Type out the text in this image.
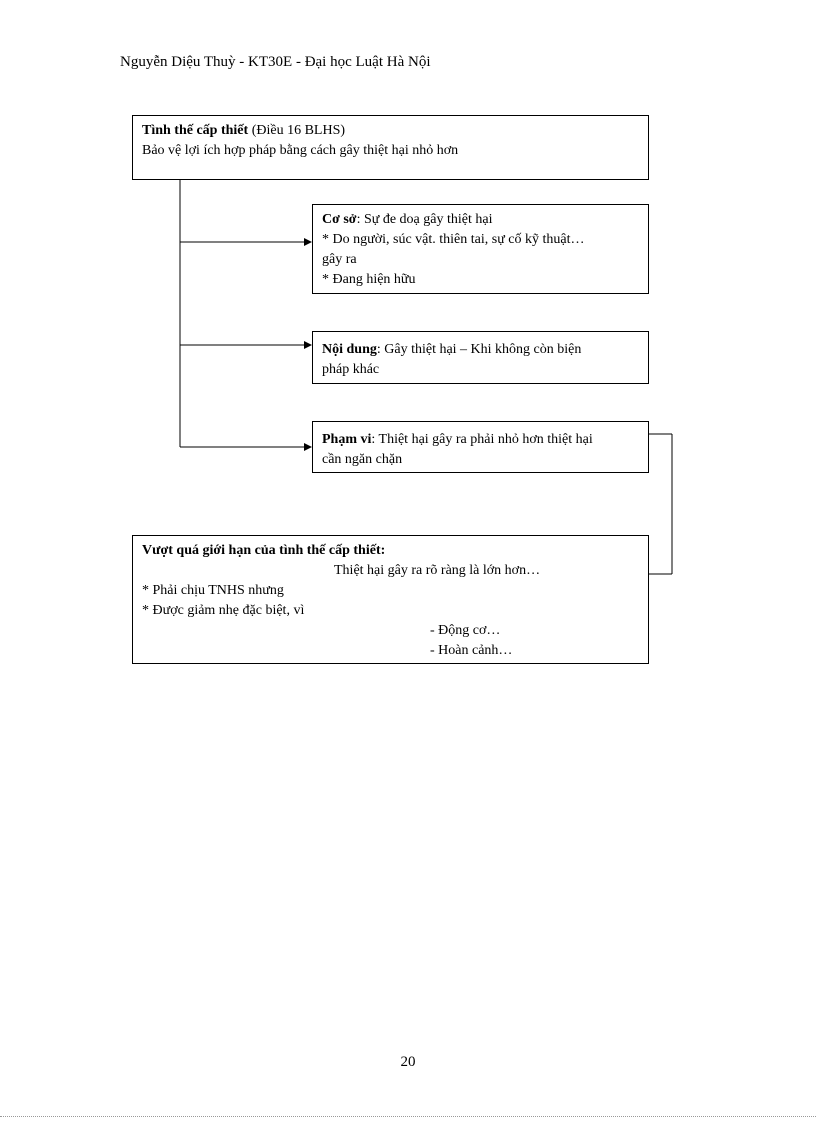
Nguyễn Diệu Thuỳ - KT30E - Đại học Luật Hà Nội
Tình thế cấp thiết (Điều 16 BLHS)
Bảo vệ lợi ích hợp pháp bằng cách gây thiệt hại nhỏ hơn
Cơ sở: Sự đe doạ gây thiệt hại
* Do người, súc vật. thiên tai, sự cố kỹ thuật…
gây ra
* Đang hiện hữu
Nội dung: Gây thiệt hại – Khi không còn biện
pháp khác
Phạm vi: Thiệt hại gây ra phải nhỏ hơn thiệt hại
cần ngăn chặn
Vượt quá giới hạn của tình thế cấp thiết:
Thiệt hại gây ra rõ ràng là lớn hơn…
* Phải chịu TNHS nhưng
* Được giảm nhẹ đặc biệt, vì
- Động cơ…
- Hoàn cảnh…
20
